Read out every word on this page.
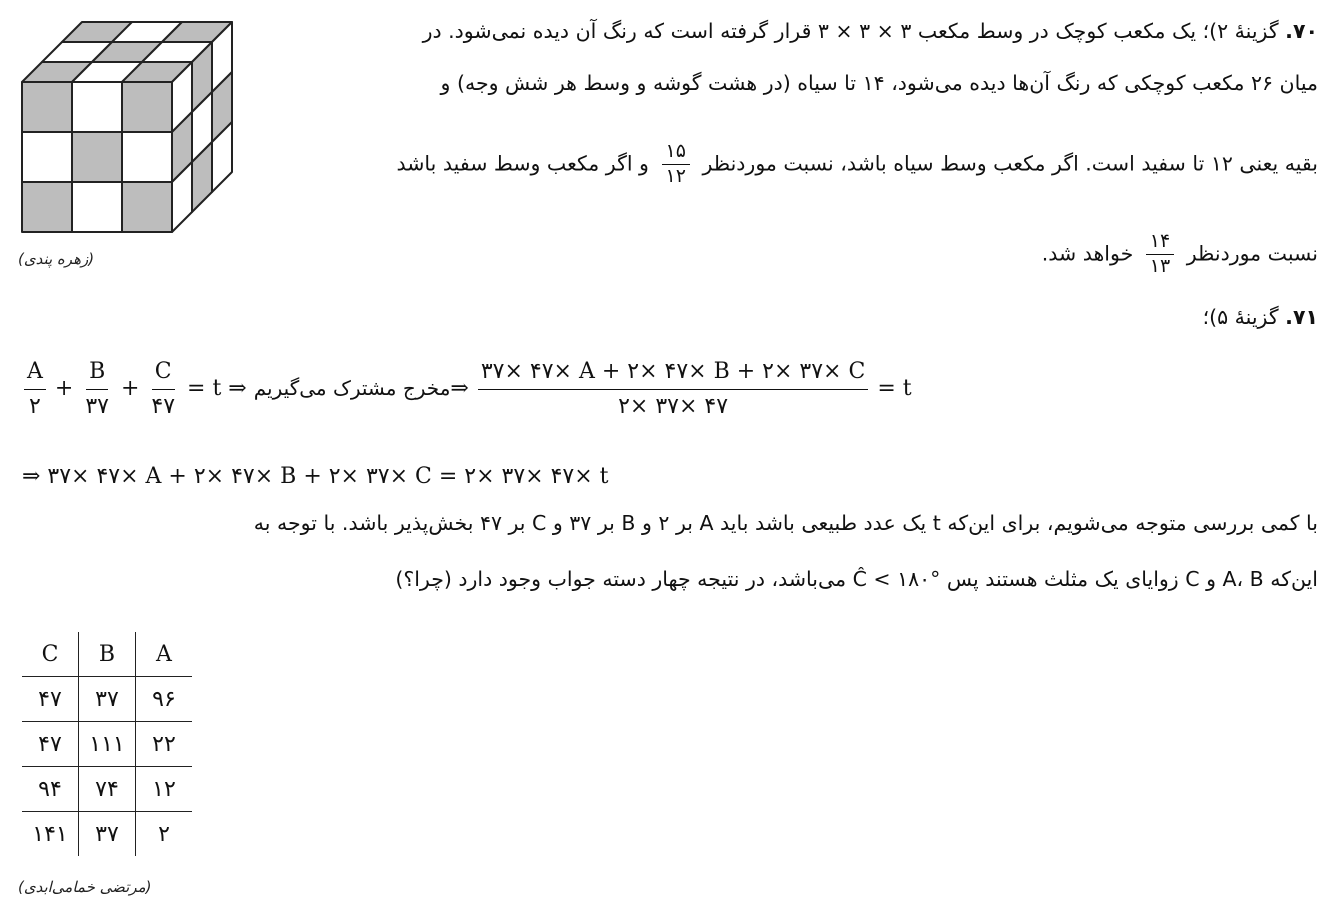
(زهره پندی)
۷۰. گزینهٔ ۲)؛ یک مکعب کوچک در وسط مکعب ۳ × ۳ × ۳ قرار گرفته است که رنگ آن دیده نمی‌شود. در
میان ۲۶ مکعب کوچکی که رنگ آن‌ها دیده می‌شود، ۱۴ تا سیاه (در هشت گوشه و وسط هر شش وجه) و
بقیه یعنی ۱۲ تا سفید است. اگر مکعب وسط سیاه باشد، نسبت موردنظر
$\frac{۱۵}{۱۲}$
و اگر مکعب وسط سفید باشد
نسبت موردنظر
$\frac{۱۴}{۱۳}$
خواهد شد.
۷۱. گزینهٔ ۵)؛
A
۲
+
B
۳۷
+
C
۴۷
= t ⇒ مخرج مشترک می‌گیریم⇒
۳۷× ۴۷× A + ۲× ۴۷× B + ۲× ۳۷× C
۲× ۳۷× ۴۷
= t
⇒ ۳۷× ۴۷× A + ۲× ۴۷× B + ۲× ۳۷× C = ۲× ۳۷× ۴۷× t
با کمی بررسی متوجه می‌شویم، برای این‌که t یک عدد طبیعی باشد باید A بر ۲ و B بر ۳۷ و C بر ۴۷ بخش‌پذیر باشد. با توجه به
این‌که A، B و C زوایای یک مثلث هستند پس Ĉ < ۱۸۰° می‌باشد، در نتیجه چهار دسته جواب وجود دارد (چرا؟)
C	B	A
۴۷	۳۷	۹۶
۴۷	۱۱۱	۲۲
۹۴	۷۴	۱۲
۱۴۱	۳۷	۲
(مرتضی خمامی‌ابدی)
